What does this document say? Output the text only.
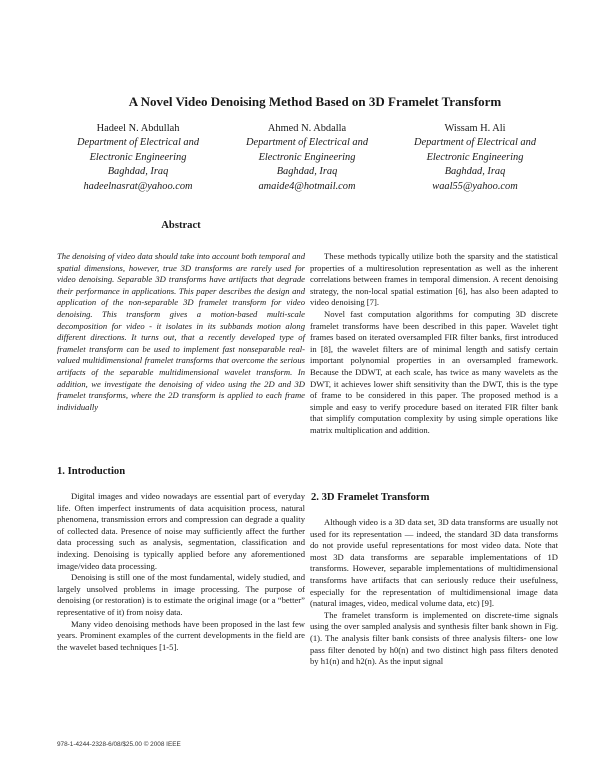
A Novel Video Denoising Method Based on 3D Framelet Transform
Hadeel N. Abdullah
Department of Electrical and
Electronic Engineering
Baghdad, Iraq
hadeelnasrat@yahoo.com
Ahmed N. Abdalla
Department of Electrical and
Electronic Engineering
Baghdad, Iraq
amaide4@hotmail.com
Wissam H. Ali
Department of Electrical and
Electronic Engineering
Baghdad, Iraq
waal55@yahoo.com
Abstract
The denoising of video data should take into account both temporal and spatial dimensions, however, true 3D transforms are rarely used for video denoising. Separable 3D transforms have artifacts that degrade their performance in applications. This paper describes the design and application of the non-separable 3D framelet transform for video denoising. This transform gives a motion-based multi-scale decomposition for video - it isolates in its subbands motion along different directions. It turns out, that a recently developed type of framelet transform can be used to implement fast nonseparable real-valued multidimensional framelet transforms that overcome the serious artifacts of the separable multidimensional wavelet transform. In addition, we investigate the denoising of video using the 2D and 3D framelet transforms, where the 2D transform is applied to each frame individually
1. Introduction

Digital images and video nowadays are essential part of everyday life. Often imperfect instruments of data acquisition process, natural phenomena, transmission errors and compression can degrade a quality of collected data. Presence of noise may sufficiently affect the further data processing such as analysis, segmentation, classification and indexing. Denoising is typically applied before any aforementioned image/video data processing.

Denoising is still one of the most fundamental, widely studied, and largely unsolved problems in image processing. The purpose of denoising (or restoration) is to estimate the original image (or a “better” representative of it) from noisy data.

Many video denoising methods have been proposed in the last few years. Prominent examples of the current developments in the field are the wavelet based techniques [1-5].

These methods typically utilize both the sparsity and the statistical properties of a multiresolution representation as well as the inherent correlations between frames in temporal dimension. A recent denoising strategy, the non-local spatial estimation [6], has also been adapted to video denoising [7].

Novel fast computation algorithms for computing 3D discrete framelet transforms have been described in this paper. Wavelet tight frames based on iterated oversampled FIR filter banks, first introduced in [8], the wavelet filters are of minimal length and satisfy certain important polynomial properties in an oversampled framework. Because the DDWT, at each scale, has twice as many wavelets as the DWT, it achieves lower shift sensitivity than the DWT, this is the type of frame to be considered in this paper. The proposed method is a simple and easy to verify procedure based on iterated FIR filter bank that simplify computation complexity by using simple operations like matrix multiplication and addition.

2. 3D Framelet Transform

Although video is a 3D data set, 3D data transforms are usually not used for its representation — indeed, the standard 3D data transforms do not provide useful representations for most video data. Note that most 3D data transforms are separable implementations of 1D transforms. However, separable implementations of multidimensional transforms have artifacts that can seriously reduce their usefulness, especially for the representation of multidimensional image data (natural images, video, medical volume data, etc) [9].

The framelet transform is implemented on discrete-time signals using the over sampled analysis and synthesis filter bank shown in Fig. (1). The analysis filter bank consists of three analysis filters- one low pass filter denoted by h0(n) and two distinct high pass filters denoted by h1(n) and h2(n). As the input signal

978-1-4244-2328-6/08/$25.00 © 2008 IEEE
